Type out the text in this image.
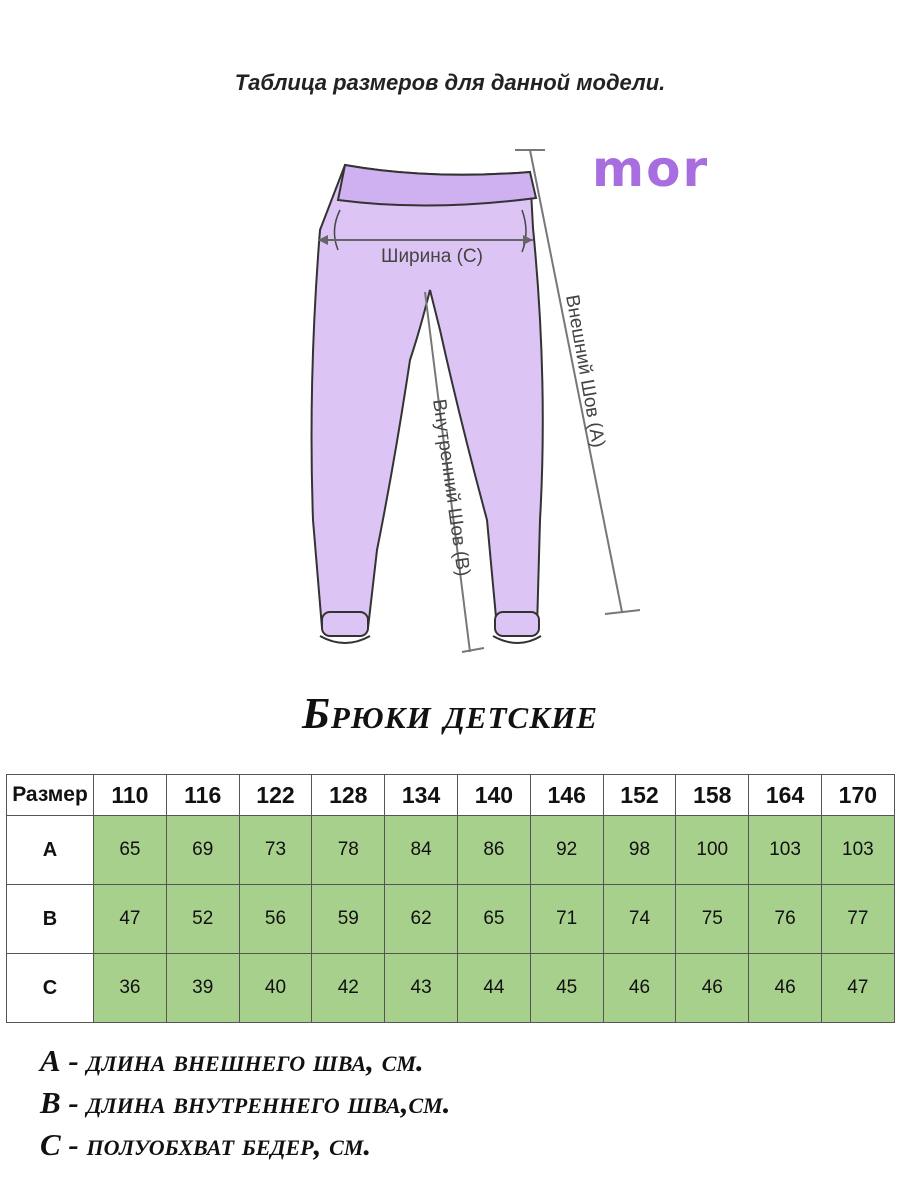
Таблица размеров для данной модели.
Ширина (С)
Внешний Шов (А)
Внутренний Шов (В)
mor
Брюки детские
Размер	110	116	122	128	134	140	146	152	158	164	170
A	65	69	73	78	84	86	92	98	100	103	103
B	47	52	56	59	62	65	71	74	75	76	77
C	36	39	40	42	43	44	45	46	46	46	47
А - длина внешнего шва, см.
В - длина внутреннего шва,см.
С - полуобхват бедер, см.
